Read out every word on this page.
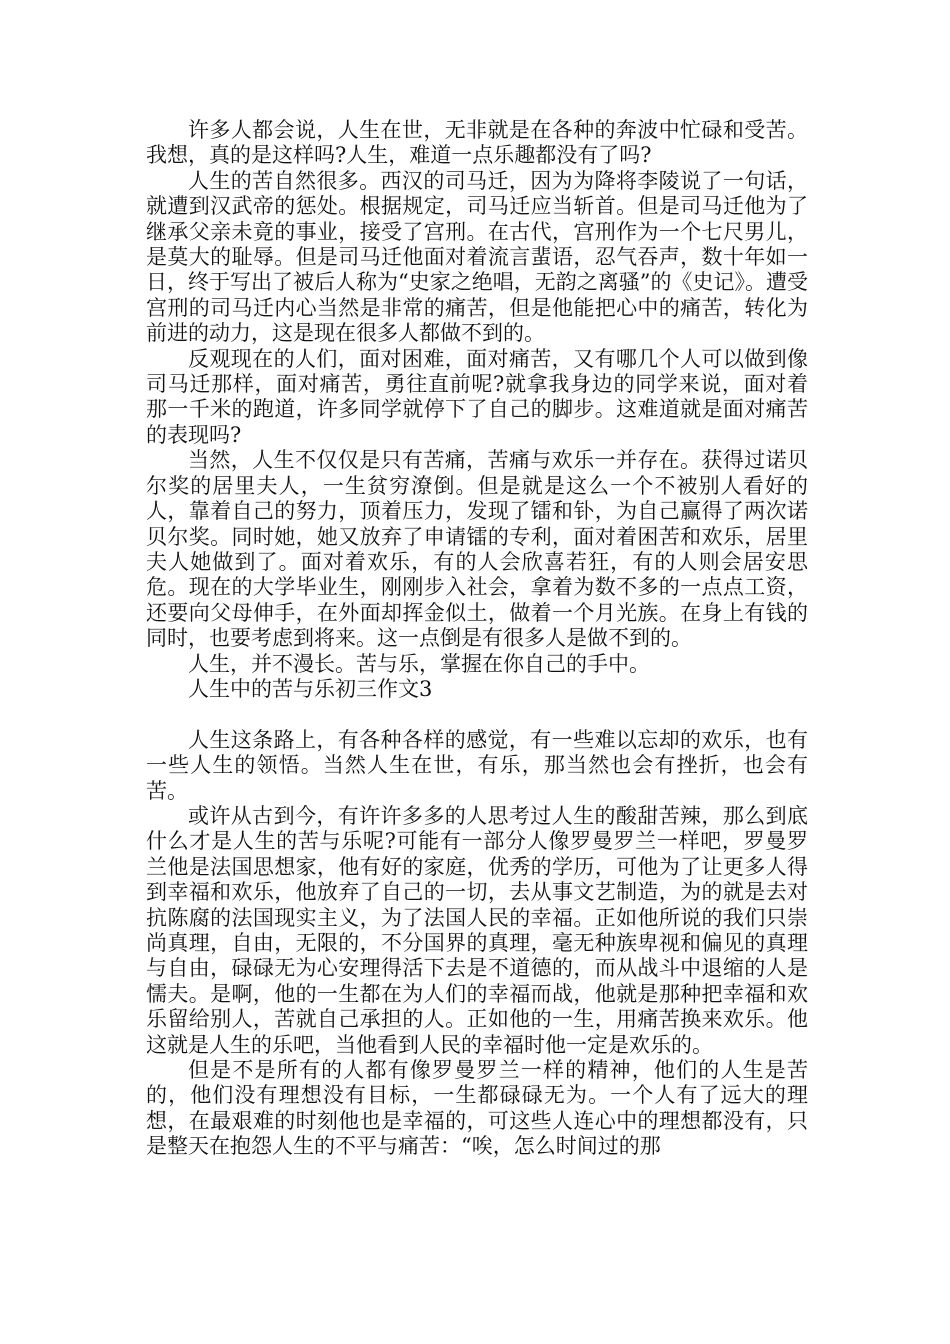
许多人都会说，人生在世，无非就是在各种的奔波中忙碌和受苦。我想，真的是这样吗?人生，难道一点乐趣都没有了吗?

人生的苦自然很多。西汉的司马迁，因为为降将李陵说了一句话，就遭到汉武帝的惩处。根据规定，司马迁应当斩首。但是司马迁他为了继承父亲未竟的事业，接受了宫刑。在古代，宫刑作为一个七尺男儿，是莫大的耻辱。但是司马迁他面对着流言蜚语，忍气吞声，数十年如一日，终于写出了被后人称为“史家之绝唱，无韵之离骚”的《史记》。遭受宫刑的司马迁内心当然是非常的痛苦，但是他能把心中的痛苦，转化为前进的动力，这是现在很多人都做不到的。

反观现在的人们，面对困难，面对痛苦，又有哪几个人可以做到像司马迁那样，面对痛苦，勇往直前呢?就拿我身边的同学来说，面对着那一千米的跑道，许多同学就停下了自己的脚步。这难道就是面对痛苦的表现吗?

当然，人生不仅仅是只有苦痛，苦痛与欢乐一并存在。获得过诺贝尔奖的居里夫人，一生贫穷潦倒。但是就是这么一个不被别人看好的人，靠着自己的努力，顶着压力，发现了镭和钋，为自己赢得了两次诺贝尔奖。同时她，她又放弃了申请镭的专利，面对着困苦和欢乐，居里夫人她做到了。面对着欢乐，有的人会欣喜若狂，有的人则会居安思危。现在的大学毕业生，刚刚步入社会，拿着为数不多的一点点工资，还要向父母伸手，在外面却挥金似土，做着一个月光族。在身上有钱的同时，也要考虑到将来。这一点倒是有很多人是做不到的。

人生，并不漫长。苦与乐，掌握在你自己的手中。

人生中的苦与乐初三作文3

人生这条路上，有各种各样的感觉，有一些难以忘却的欢乐，也有一些人生的领悟。当然人生在世，有乐，那当然也会有挫折，也会有苦。

或许从古到今，有许许多多的人思考过人生的酸甜苦辣，那么到底什么才是人生的苦与乐呢?可能有一部分人像罗曼罗兰一样吧，罗曼罗兰他是法国思想家，他有好的家庭，优秀的学历，可他为了让更多人得到幸福和欢乐，他放弃了自己的一切，去从事文艺制造，为的就是去对抗陈腐的法国现实主义，为了法国人民的幸福。正如他所说的我们只崇尚真理，自由，无限的，不分国界的真理，毫无种族卑视和偏见的真理与自由，碌碌无为心安理得活下去是不道德的，而从战斗中退缩的人是懦夫。是啊，他的一生都在为人们的幸福而战，他就是那种把幸福和欢乐留给别人，苦就自己承担的人。正如他的一生，用痛苦换来欢乐。他这就是人生的乐吧，当他看到人民的幸福时他一定是欢乐的。

但是不是所有的人都有像罗曼罗兰一样的精神，他们的人生是苦的，他们没有理想没有目标，一生都碌碌无为。一个人有了远大的理想，在最艰难的时刻他也是幸福的，可这些人连心中的理想都没有，只是整天在抱怨人生的不平与痛苦：“唉，怎么时间过的那
